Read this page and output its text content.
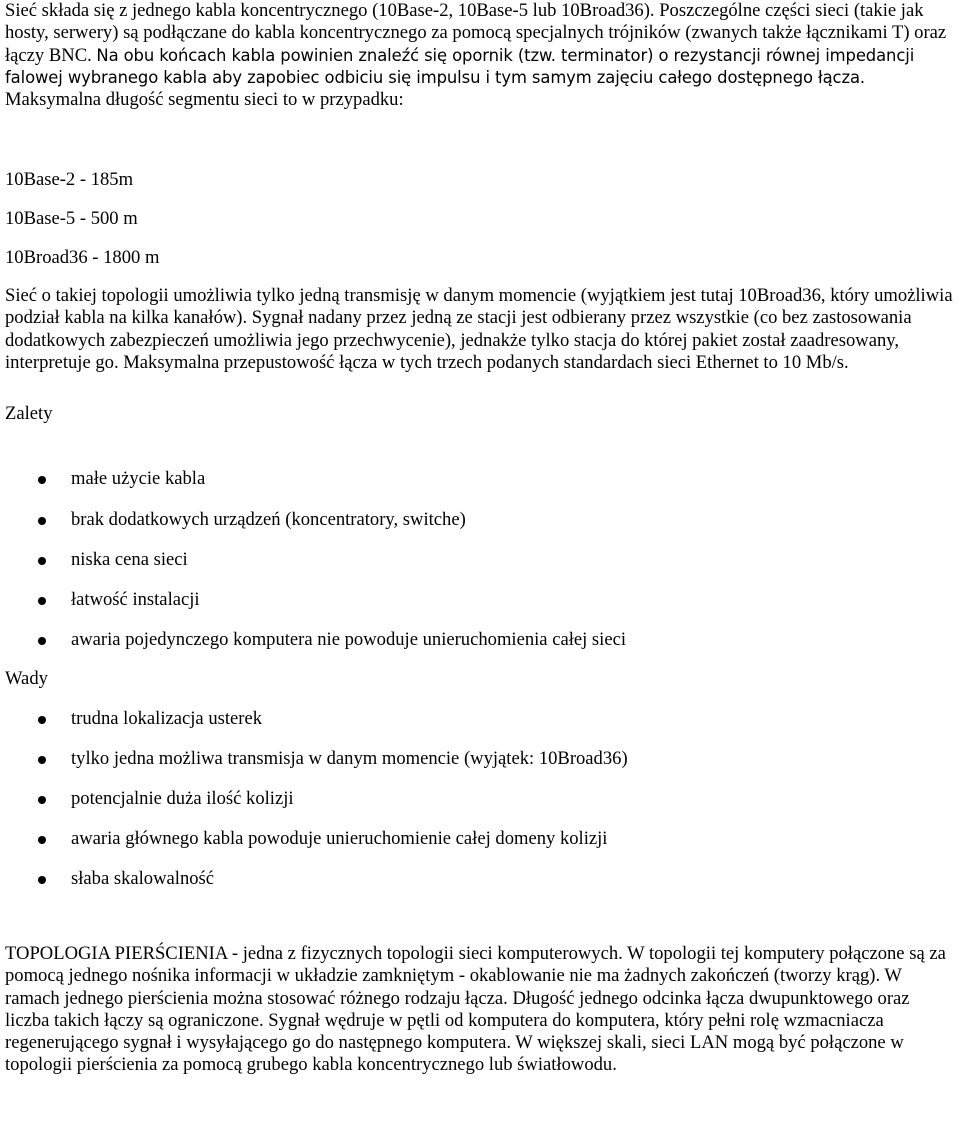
Sieć składa się z jednego kabla koncentrycznego (10Base-2, 10Base-5 lub 10Broad36). Poszczególne części sieci (takie jak hosty, serwery) są podłączane do kabla koncentrycznego za pomocą specjalnych trójników (zwanych także łącznikami T) oraz łączy BNC. Na obu końcach kabla powinien znaleźć się opornik (tzw. terminator) o rezystancji równej impedancji falowej wybranego kabla aby zapobiec odbiciu się impulsu i tym samym zajęciu całego dostępnego łącza. Maksymalna długość segmentu sieci to w przypadku:

10Base-2 - 185m

10Base-5 - 500 m

10Broad36 - 1800 m

Sieć o takiej topologii umożliwia tylko jedną transmisję w danym momencie (wyjątkiem jest tutaj 10Broad36, który umożliwia podział kabla na kilka kanałów). Sygnał nadany przez jedną ze stacji jest odbierany przez wszystkie (co bez zastosowania dodatkowych zabezpieczeń umożliwia jego przechwycenie), jednakże tylko stacja do której pakiet został zaadresowany, interpretuje go. Maksymalna przepustowość łącza w tych trzech podanych standardach sieci Ethernet to 10 Mb/s.

Zalety

małe użycie kabla
brak dodatkowych urządzeń (koncentratory, switche)
niska cena sieci
łatwość instalacji
awaria pojedynczego komputera nie powoduje unieruchomienia całej sieci

Wady

trudna lokalizacja usterek
tylko jedna możliwa transmisja w danym momencie (wyjątek: 10Broad36)
potencjalnie duża ilość kolizji
awaria głównego kabla powoduje unieruchomienie całej domeny kolizji
słaba skalowalność

TOPOLOGIA PIERŚCIENIA - jedna z fizycznych topologii sieci komputerowych. W topologii tej komputery połączone są za pomocą jednego nośnika informacji w układzie zamkniętym - okablowanie nie ma żadnych zakończeń (tworzy krąg). W ramach jednego pierścienia można stosować różnego rodzaju łącza. Długość jednego odcinka łącza dwupunktowego oraz liczba takich łączy są ograniczone. Sygnał wędruje w pętli od komputera do komputera, który pełni rolę wzmacniacza regenerującego sygnał i wysyłającego go do następnego komputera. W większej skali, sieci LAN mogą być połączone w topologii pierścienia za pomocą grubego kabla koncentrycznego lub światłowodu.
